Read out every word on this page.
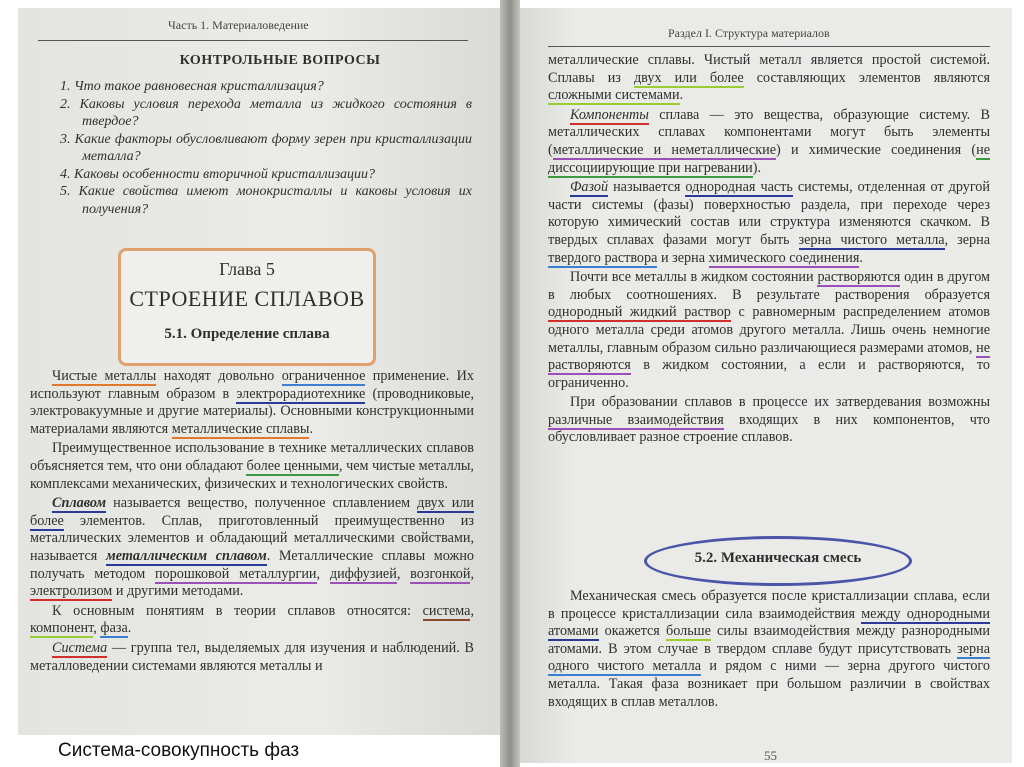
Часть 1. Материаловедение
КОНТРОЛЬНЫЕ ВОПРОСЫ

1. Что такое равновесная кристаллизация?

2. Каковы условия перехода металла из жидкого состояния в твердое?

3. Какие факторы обусловливают форму зерен при кристаллизации металла?

4. Каковы особенности вторичной кристаллизации?

5. Какие свойства имеют монокристаллы и каковы условия их получения?

Глава 5
СТРОЕНИЕ СПЛАВОВ
5.1. Определение сплава

Чистые металлы находят довольно ограниченное применение. Их используют главным образом в электрорадиотехнике (проводниковые, электровакуумные и другие материалы). Основными конструкционными материалами являются металлические сплавы.

Преимущественное использование в технике металлических сплавов объясняется тем, что они обладают более ценными, чем чистые металлы, комплексами механических, физических и технологических свойств.

Сплавом называется вещество, полученное сплавлением двух или более элементов. Сплав, приготовленный преимущественно из металлических элементов и обладающий металлическими свойствами, называется металлическим сплавом. Металлические сплавы можно получать методом порошковой металлургии, диффузией, возгонкой, электролизом и другими методами.

К основным понятиям в теории сплавов относятся: система, компонент, фаза.

Система — группа тел, выделяемых для изучения и наблюдений. В металловедении системами являются металлы и

Раздел I. Структура материалов

металлические сплавы. Чистый металл является простой системой. Сплавы из двух или более составляющих элементов являются сложными системами.

Компоненты сплава — это вещества, образующие систему. В металлических сплавах компонентами могут быть элементы (металлические и неметаллические) и химические соединения (не диссоциирующие при нагревании).

Фазой называется однородная часть системы, отделенная от другой части системы (фазы) поверхностью раздела, при переходе через которую химический состав или структура изменяются скачком. В твердых сплавах фазами могут быть зерна чистого металла, зерна твердого раствора и зерна химического соединения.

Почти все металлы в жидком состоянии растворяются один в другом в любых соотношениях. В результате растворения образуется однородный жидкий раствор с равномерным распределением атомов одного металла среди атомов другого металла. Лишь очень немногие металлы, главным образом сильно различающиеся размерами атомов, не растворяются в жидком состоянии, а если и растворяются, то ограниченно.

При образовании сплавов в процессе их затвердевания возможны различные взаимодействия входящих в них компонентов, что обусловливает разное строение сплавов.

5.2. Механическая смесь

Механическая смесь образуется после кристаллизации сплава, если в процессе кристаллизации сила взаимодействия между однородными атомами окажется больше силы взаимодействия между разнородными атомами. В этом случае в твердом сплаве будут присутствовать зерна одного чистого металла и рядом с ними — зерна другого чистого металла. Такая фаза возникает при большом различии в свойствах входящих в сплав металлов.

55
Система-совокупность фаз
